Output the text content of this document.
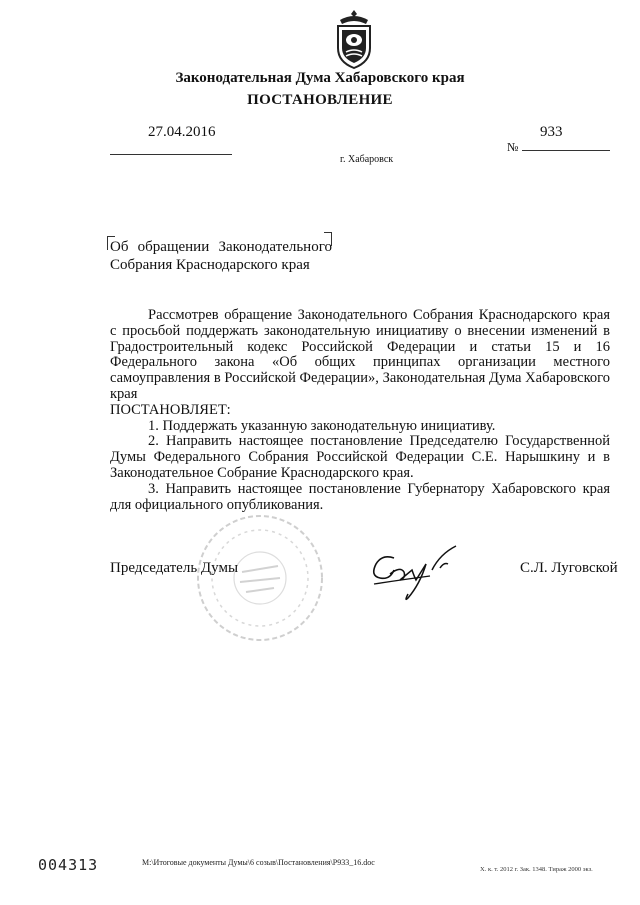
Законодательная Дума Хабаровского края
ПОСТАНОВЛЕНИЕ
27.04.2016	933
№
г. Хабаровск
Об обращении Законодательного
Собрания Краснодарского края
Рассмотрев обращение Законодательного Собрания Краснодарского края с просьбой поддержать законодательную инициативу о внесении изменений в Градостроительный кодекс Российской Федерации и статьи 15 и 16 Федерального закона «Об общих принципах организации местного самоуправления в Российской Федерации», Законодательная Дума Хабаровского края
ПОСТАНОВЛЯЕТ:
1. Поддержать указанную законодательную инициативу.
2. Направить настоящее постановление Председателю Государственной Думы Федерального Собрания Российской Федерации С.Е. Нарышкину и в Законодательное Собрание Краснодарского края.
3. Направить настоящее постановление Губернатору Хабаровского края для официального опубликования.
Председатель Думы	С.Л. Луговской
004313	M:\Итоговые документы Думы\6 созыв\Постановления\P933_16.doc
Х. к. т. 2012 г. Зак. 1348. Тираж 2000 экз.
